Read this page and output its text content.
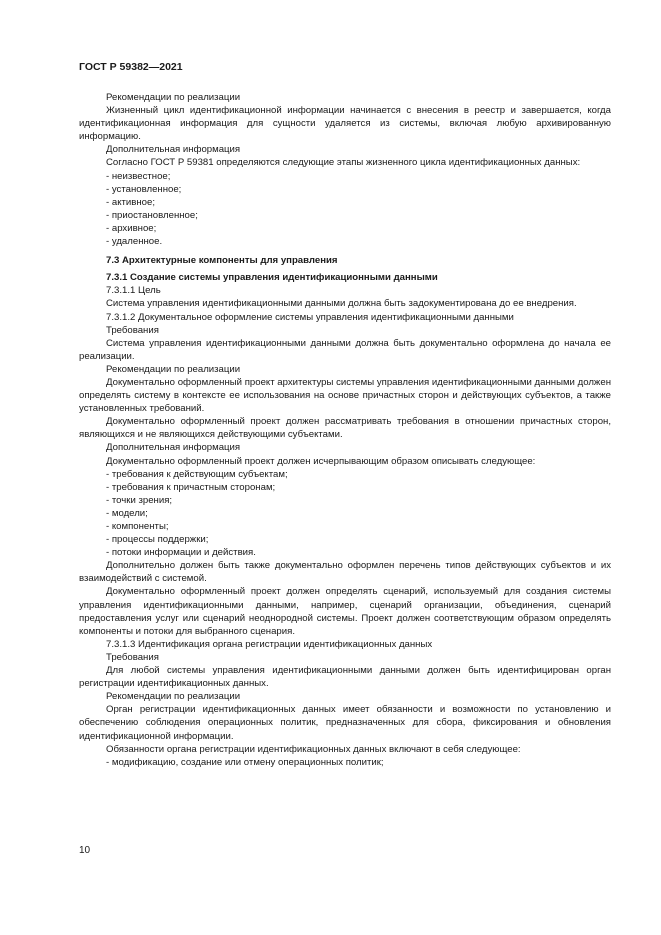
ГОСТ Р 59382—2021

Рекомендации по реализации

Жизненный цикл идентификационной информации начинается с внесения в реестр и завершается, когда идентификационная информация для сущности удаляется из системы, включая любую архивированную информацию.

Дополнительная информация

Согласно ГОСТ Р 59381 определяются следующие этапы жизненного цикла идентификационных данных:

- неизвестное;

- установленное;

- активное;

- приостановленное;

- архивное;

- удаленное.

7.3 Архитектурные компоненты для управления

7.3.1 Создание системы управления идентификационными данными

7.3.1.1 Цель

Система управления идентификационными данными должна быть задокументирована до ее внедрения.

7.3.1.2 Документальное оформление системы управления идентификационными данными

Требования

Система управления идентификационными данными должна быть документально оформлена до начала ее реализации.

Рекомендации по реализации

Документально оформленный проект архитектуры системы управления идентификационными данными должен определять систему в контексте ее использования на основе причастных сторон и действующих субъектов, а также установленных требований.

Документально оформленный проект должен рассматривать требования в отношении причастных сторон, являющихся и не являющихся действующими субъектами.

Дополнительная информация

Документально оформленный проект должен исчерпывающим образом описывать следующее:

- требования к действующим субъектам;

- требования к причастным сторонам;

- точки зрения;

- модели;

- компоненты;

- процессы поддержки;

- потоки информации и действия.

Дополнительно должен быть также документально оформлен перечень типов действующих субъектов и их взаимодействий с системой.

Документально оформленный проект должен определять сценарий, используемый для создания системы управления идентификационными данными, например, сценарий организации, объединения, сценарий предоставления услуг или сценарий неоднородной системы. Проект должен соответствующим образом определять компоненты и потоки для выбранного сценария.

7.3.1.3 Идентификация органа регистрации идентификационных данных

Требования

Для любой системы управления идентификационными данными должен быть идентифицирован орган регистрации идентификационных данных.

Рекомендации по реализации

Орган регистрации идентификационных данных имеет обязанности и возможности по установлению и обеспечению соблюдения операционных политик, предназначенных для сбора, фиксирования и обновления идентификационной информации.

Обязанности органа регистрации идентификационных данных включают в себя следующее:

- модификацию, создание или отмену операционных политик;

10
